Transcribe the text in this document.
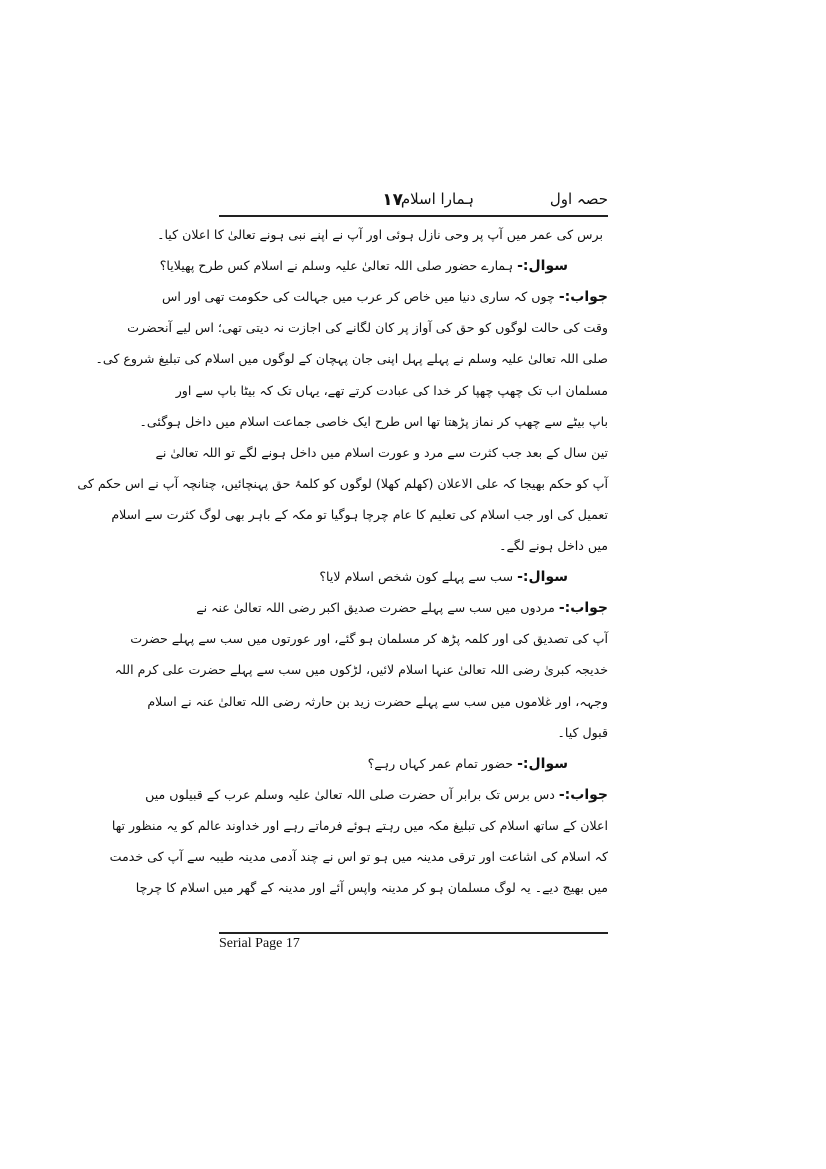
حصہ اول
ہمارا اسلام
۱۷
برس کی عمر میں آپ پر وحی نازل ہوئی اور آپ نے اپنے نبی ہونے تعالیٰ کا اعلان کیا۔
سوال:-ہمارے حضور صلی اللہ تعالیٰ علیہ وسلم نے اسلام کس طرح پھیلایا؟
جواب:-چوں کہ ساری دنیا میں خاص کر عرب میں جہالت کی حکومت تھی اور اس
وقت کی حالت لوگوں کو حق کی آواز پر کان لگانے کی اجازت نہ دیتی تھی؛ اس لیے آنحضرت
صلی اللہ تعالیٰ علیہ وسلم نے پہلے پہل اپنی جان پہچان کے لوگوں میں اسلام کی تبلیغ شروع کی۔
مسلمان اب تک چھپ چھپا کر خدا کی عبادت کرتے تھے، یہاں تک کہ بیٹا باپ سے اور
باپ بیٹے سے چھپ کر نماز پڑھتا تھا اس طرح ایک خاصی جماعت اسلام میں داخل ہوگئی۔
تین سال کے بعد جب کثرت سے مرد و عورت اسلام میں داخل ہونے لگے تو اللہ تعالیٰ نے
آپ کو حکم بھیجا کہ علی الاعلان (کھلم کھلا) لوگوں کو کلمۂ حق پہنچائیں، چنانچہ آپ نے اس حکم کی
تعمیل کی اور جب اسلام کی تعلیم کا عام چرچا ہوگیا تو مکہ کے باہر بھی لوگ کثرت سے اسلام
میں داخل ہونے لگے۔
سوال:-سب سے پہلے کون شخص اسلام لایا؟
جواب:-مردوں میں سب سے پہلے حضرت صدیق اکبر رضی اللہ تعالیٰ عنہ نے
آپ کی تصدیق کی اور کلمہ پڑھ کر مسلمان ہو گئے، اور عورتوں میں سب سے پہلے حضرت
خدیجہ کبریٰ رضی اللہ تعالیٰ عنہا اسلام لائیں، لڑکوں میں سب سے پہلے حضرت علی کرم اللہ
وجہہ، اور غلاموں میں سب سے پہلے حضرت زید بن حارثہ رضی اللہ تعالیٰ عنہ نے اسلام
قبول کیا۔
سوال:-حضور تمام عمر کہاں رہے؟
جواب:-دس برس تک برابر آں حضرت صلی اللہ تعالیٰ علیہ وسلم عرب کے قبیلوں میں
اعلان کے ساتھ اسلام کی تبلیغ مکہ میں رہتے ہوئے فرماتے رہے اور خداوند عالم کو یہ منظور تھا
کہ اسلام کی اشاعت اور ترقی مدینہ میں ہو تو اس نے چند آدمی مدینہ طیبہ سے آپ کی خدمت
میں بھیج دیے۔ یہ لوگ مسلمان ہو کر مدینہ واپس آئے اور مدینہ کے گھر میں اسلام کا چرچا
Serial Page 17
